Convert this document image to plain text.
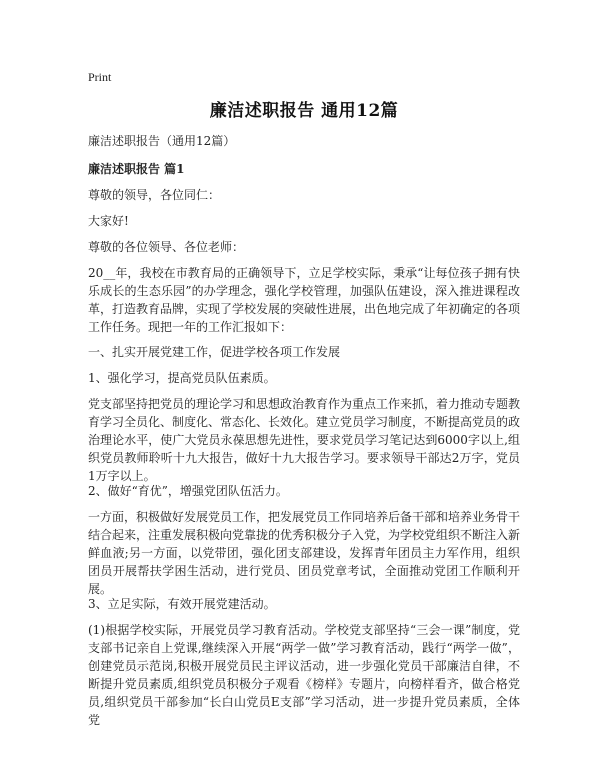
Print
廉洁述职报告 通用12篇
廉洁述职报告（通用12篇）
廉洁述职报告 篇1
尊敬的领导，各位同仁：
大家好!
尊敬的各位领导、各位老师：
20__年，我校在市教育局的正确领导下，立足学校实际，秉承“让每位孩子拥有快乐成长的生态乐园”的办学理念，强化学校管理，加强队伍建设，深入推进课程改革，打造教育品牌，实现了学校发展的突破性进展，出色地完成了年初确定的各项工作任务。现把一年的工作汇报如下：
一、扎实开展党建工作，促进学校各项工作发展
1、强化学习，提高党员队伍素质。
党支部坚持把党员的理论学习和思想政治教育作为重点工作来抓，着力推动专题教育学习全员化、制度化、常态化、长效化。建立党员学习制度，不断提高党员的政治理论水平，使广大党员永葆思想先进性，要求党员学习笔记达到6000字以上,组织党员教师聆听十九大报告，做好十九大报告学习。要求领导干部达2万字，党员1万字以上。
2、做好“育优”，增强党团队伍活力。
一方面，积极做好发展党员工作，把发展党员工作同培养后备干部和培养业务骨干结合起来，注重发展积极向党靠拢的优秀积极分子入党，为学校党组织不断注入新鲜血液;另一方面，以党带团，强化团支部建设，发挥青年团员主力军作用，组织团员开展帮扶学困生活动，进行党员、团员党章考试，全面推动党团工作顺利开展。
3、立足实际，有效开展党建活动。
(1)根据学校实际，开展党员学习教育活动。学校党支部坚持“三会一课”制度，党支部书记亲自上党课,继续深入开展“两学一做”学习教育活动，践行“两学一做”，创建党员示范岗,积极开展党员民主评议活动，进一步强化党员干部廉洁自律，不断提升党员素质,组织党员积极分子观看《榜样》专题片，向榜样看齐，做合格党员,组织党员干部参加“长白山党员E支部”学习活动，进一步提升党员素质，全体党
